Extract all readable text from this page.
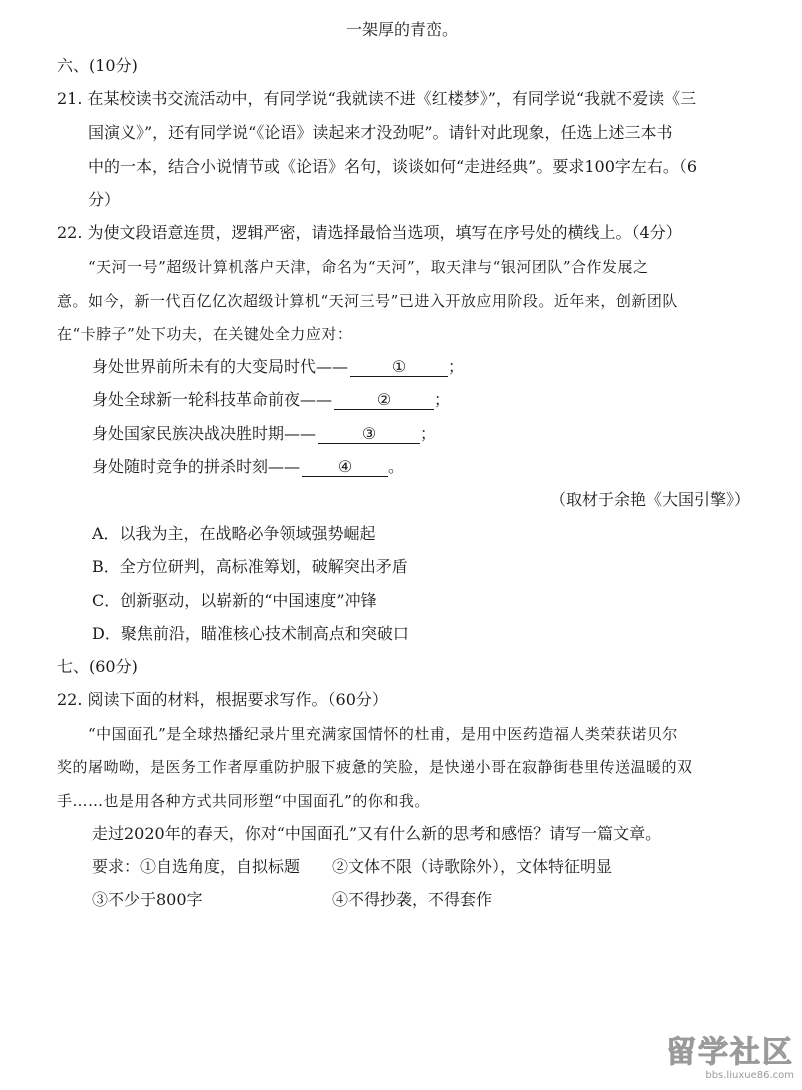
一架厚的青峦。
六、(10分)
21. 在某校读书交流活动中，有同学说“我就读不进《红楼梦》”，有同学说“我就不爱读《三
国演义》”，还有同学说“《论语》读起来才没劲呢”。请针对此现象，任选上述三本书
中的一本，结合小说情节或《论语》名句，谈谈如何“走进经典”。要求100字左右。（6
分）
22. 为使文段语意连贯，逻辑严密，请选择最恰当选项，填写在序号处的横线上。（4分）
“天河一号”超级计算机落户天津，命名为“天河”，取天津与“银河团队”合作发展之
意。如今，新一代百亿亿次超级计算机“天河三号”已进入开放应用阶段。近年来，创新团队
在“卡脖子”处下功夫，在关键处全力应对：
身处世界前所未有的大变局时代——	①	；
身处全球新一轮科技革命前夜——	②	；
身处国家民族决战决胜时期——	③	；
身处随时竞争的拼杀时刻—— ④ 。
（取材于余艳《大国引擎》）
A．以我为主，在战略必争领域强势崛起
B．全方位研判，高标准筹划，破解突出矛盾
C．创新驱动，以崭新的“中国速度”冲锋
D．聚焦前沿，瞄准核心技术制高点和突破口
七、(60分)
22. 阅读下面的材料，根据要求写作。（60分）
“中国面孔”是全球热播纪录片里充满家国情怀的杜甫，是用中医药造福人类荣获诺贝尔
奖的屠呦呦，是医务工作者厚重防护服下疲惫的笑脸，是快递小哥在寂静街巷里传送温暖的双
手……也是用各种方式共同形塑“中国面孔”的你和我。
走过2020年的春天，你对“中国面孔”又有什么新的思考和感悟？请写一篇文章。
要求：①自选角度，自拟标题 ②文体不限（诗歌除外），文体特征明显
③不少于800字	④不得抄袭，不得套作
留学社区
bbs.liuxue86.com
